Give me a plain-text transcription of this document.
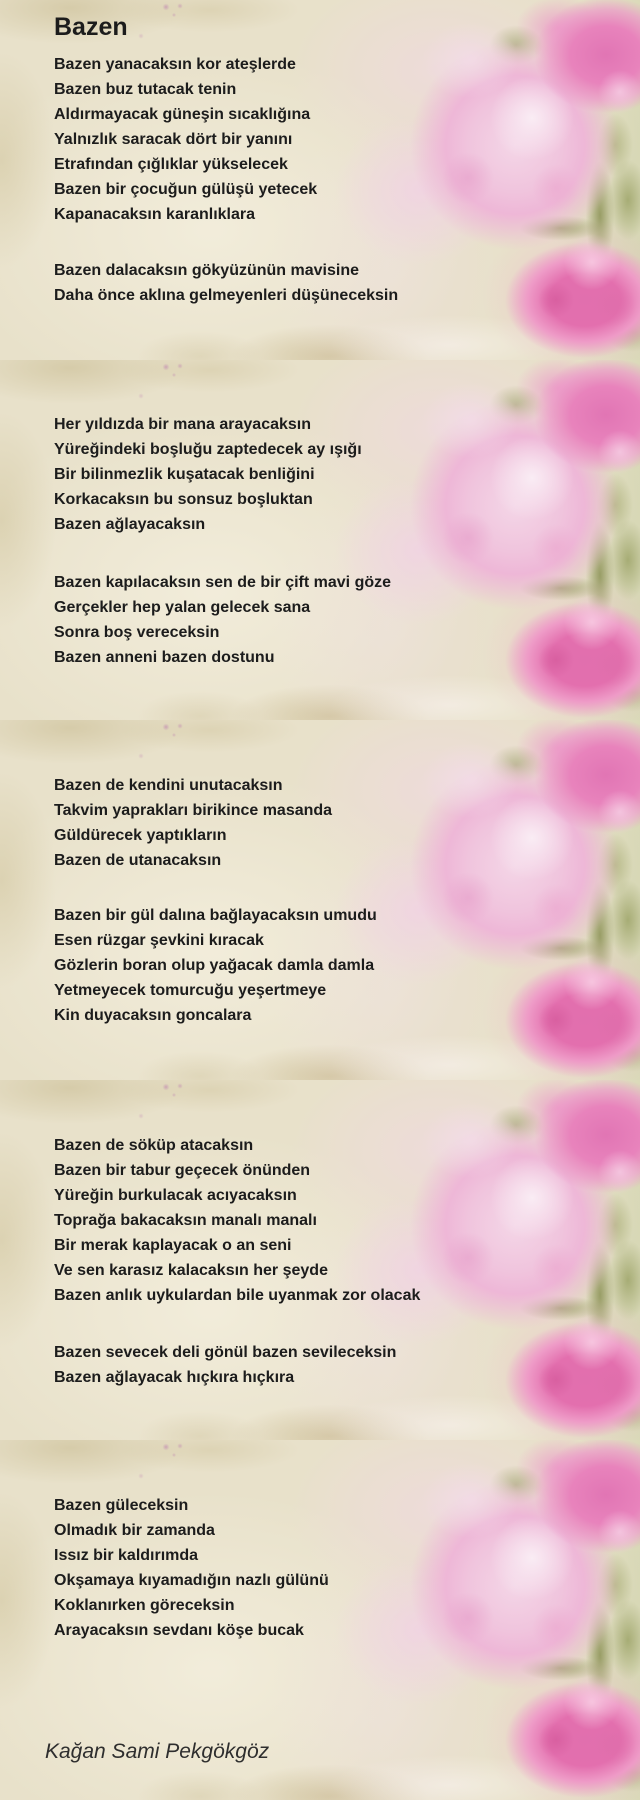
Bazen
Bazen yanacaksın kor ateşlerde
Bazen buz tutacak tenin
Aldırmayacak güneşin sıcaklığına
Yalnızlık saracak dört bir yanını
Etrafından çığlıklar yükselecek
Bazen bir çocuğun gülüşü yetecek
Kapanacaksın karanlıklara
Bazen dalacaksın gökyüzünün mavisine
Daha önce aklına gelmeyenleri düşüneceksin
Her yıldızda bir mana arayacaksın
Yüreğindeki boşluğu zaptedecek ay ışığı
Bir bilinmezlik kuşatacak benliğini
Korkacaksın bu sonsuz boşluktan
Bazen ağlayacaksın
Bazen kapılacaksın sen de bir çift mavi göze
Gerçekler hep yalan gelecek sana
Sonra boş vereceksin
Bazen anneni bazen dostunu
Bazen de kendini unutacaksın
Takvim yaprakları birikince masanda
Güldürecek yaptıkların
Bazen de utanacaksın
Bazen bir gül dalına bağlayacaksın umudu
Esen rüzgar şevkini kıracak
Gözlerin boran olup yağacak damla damla
Yetmeyecek tomurcuğu yeşertmeye
Kin duyacaksın goncalara
Bazen de söküp atacaksın
Bazen bir tabur geçecek önünden
Yüreğin burkulacak acıyacaksın
Toprağa bakacaksın manalı manalı
Bir merak kaplayacak o an seni
Ve sen karasız kalacaksın her şeyde
Bazen anlık uykulardan bile uyanmak zor olacak
Bazen sevecek deli gönül bazen sevileceksin
Bazen ağlayacak hıçkıra hıçkıra
Bazen güleceksin
Olmadık bir zamanda
Issız bir kaldırımda
Okşamaya kıyamadığın nazlı gülünü
Koklanırken göreceksin
Arayacaksın sevdanı köşe bucak
Kağan Sami Pekgökgöz
